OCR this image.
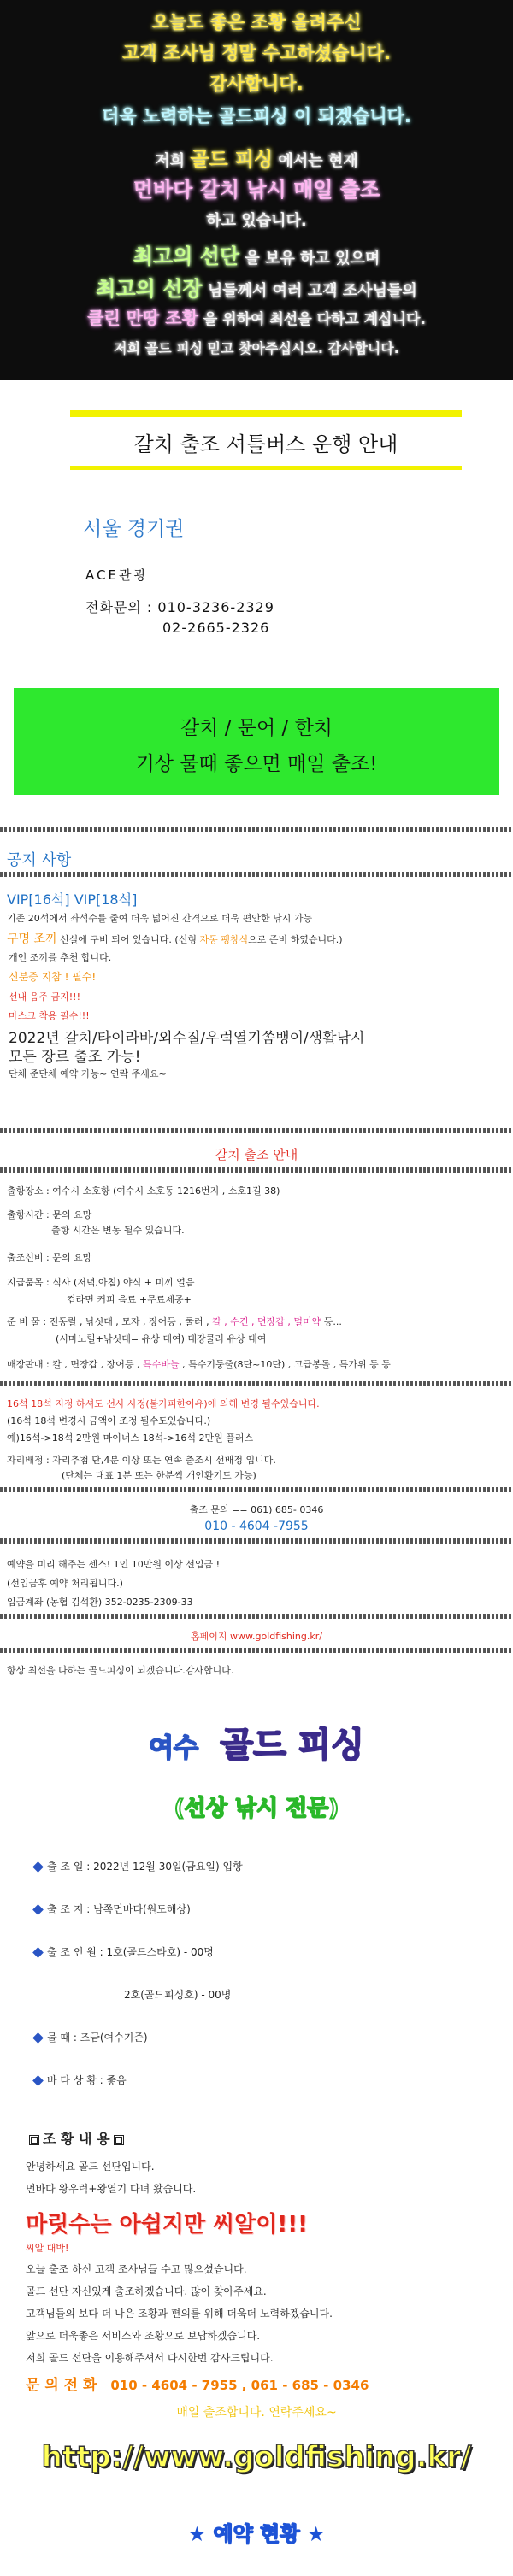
오늘도 좋은 조황 올려주신
고객 조사님 정말 수고하셨습니다.
감사합니다.
더욱 노력하는 골드피싱 이 되겠습니다.
저희 골드 피싱 에서는 현재
먼바다 갈치 낚시 매일 출조
하고 있습니다.
최고의 선단 을 보유 하고 있으며
최고의 선장 님들께서 여러 고객 조사님들의
클린 만땅 조황 을 위하여 최선을 다하고 계십니다.
저희 골드 피싱 믿고 찾아주십시오. 감사합니다.
갈치 출조 셔틀버스 운행 안내
서울 경기권
ACE관광
전화문의 : 010-3236-2329
02-2665-2326
갈치 / 문어 / 한치
기상 물때 좋으면 매일 출조!
공지 사항
VIP[16석] VIP[18석]
기존 20석에서 좌석수를 줄여 더욱 넓어진 간격으로 더욱 편안한 낚시 가능
구명 조끼 선실에 구비 되어 있습니다. (신형 자동 팽창식으로 준비 하였습니다.)
개인 조끼를 추천 합니다.
신분증 지참 ! 필수!
선내 음주 금지!!!
마스크 착용 필수!!!
2022년 갈치/타이라바/외수질/우럭열기쏨뱅이/생활낚시
모든 장르 출조 가능!
단체 준단체 예약 가능~ 연락 주세요~
갈치 출조 안내
출항장소 : 여수시 소호항 (여수시 소호동 1216번지 , 소호1길 38)
출항시간 : 문의 요망
출항 시간은 변동 될수 있습니다.
출조선비 : 문의 요망
지급품목 : 식사 (저녁,아침) 야식 + 미끼 얼음
컵라면 커피 음료 +무료제공+
준 비 물 : 전동릴 , 낚싯대 , 모자 , 장어등 , 쿨러 , 칼 , 수건 , 면장갑 , 멀미약 등...
(시마노릴+낚싯대= 유상 대여) 대장쿨러 유상 대여
매장판매 : 칼 , 면장갑 , 장어등 , 특수바늘 , 특수기둥줄(8단~10단) , 고급봉돌 , 특가위 등 등
16석 18석 지정 하셔도 선사 사정(불가피한이유)에 의해 변경 될수있습니다.
(16석 18석 변경시 금액이 조정 될수도있습니다.)
예)16석->18석 2만원 마이너스 18석->16석 2만원 플러스
자리배정 : 자리추첨 단,4분 이상 또는 연속 출조시 선배정 입니다.
(단체는 대표 1분 또는 한분씩 개인환기도 가능)
출조 문의 == 061) 685- 0346
010 - 4604 -7955
예약을 미리 해주는 센스! 1인 10만원 이상 선입금 !
(선입금후 예약 처리됩니다.)
입금계좌 (농협 김석환) 352-0235-2309-33
홈페이지 www.goldfishing.kr/
항상 최선을 다하는 골드피싱이 되겠습니다.감사합니다.
여수 골드 피싱
(선상 낚시 전문)
출 조 일 : 2022년 12월 30일(금요일) 입항
출 조 지 : 남쪽먼바다(원도해상)
출 조 인 원 : 1호(골드스타호) - 00명
2호(골드피싱호) - 00명
물 때 : 조금(여수기준)
바 다 상 황 : 좋음
조 황 내 용
안녕하세요 골드 선단입니다.
먼바다 왕우럭+왕열기 다녀 왔습니다.
마릿수는 아쉽지만 씨알이!!!
씨알 대박!
오늘 출조 하신 고객 조사님들 수고 많으셨습니다.
골드 선단 자신있게 출조하겠습니다. 많이 찾아주세요.
고객님들의 보다 더 나은 조황과 편의를 위해 더욱더 노력하겠습니다.
앞으로 더욱좋은 서비스와 조황으로 보답하겠습니다.
저희 골드 선단을 이용해주셔서 다시한번 감사드립니다.
문 의 전 화 010 - 4604 - 7955 , 061 - 685 - 0346
매일 출조합니다. 연락주세요~
http://www.goldfishing.kr/
★ 예약 현황 ★
